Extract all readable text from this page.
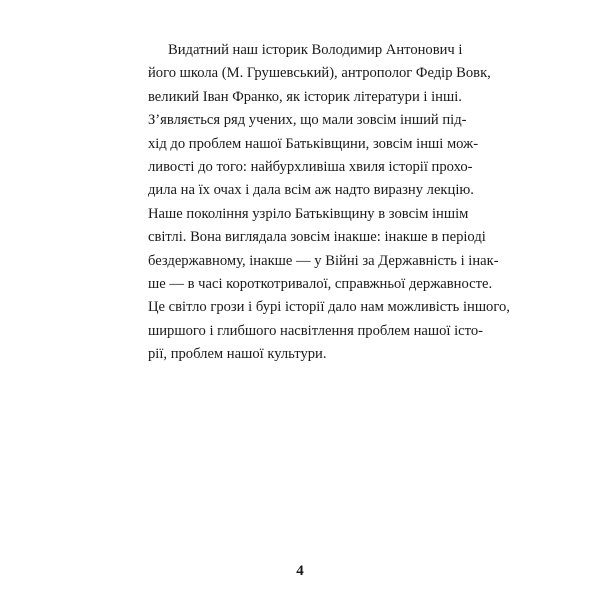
Видатний наш історик Володимир Антонович і
його школа (М. Грушевський), антрополог Федір Вовк,
великий Іван Франко, як історик літератури і інші.
З’являється ряд учених, що мали зовсім інший під-
хід до проблем нашої Батьківщини, зовсім інші мож-
ливості до того: найбурхливіша хвиля історії прохо-
дила на їх очах і дала всім аж надто виразну лекцію.
Наше покоління узріло Батьківщину в зовсім іншім
світлі. Вона виглядала зовсім інакше: інакше в періоді
бездержавному, інакше — у Війні за Державність і інак-
ше — в часі короткотривалої, справжньої державносте.
Це світло грози і бурі історії дало нам можливість іншого,
ширшого і глибшого насвітлення проблем нашої істо-
рії, проблем нашої культури.
4
